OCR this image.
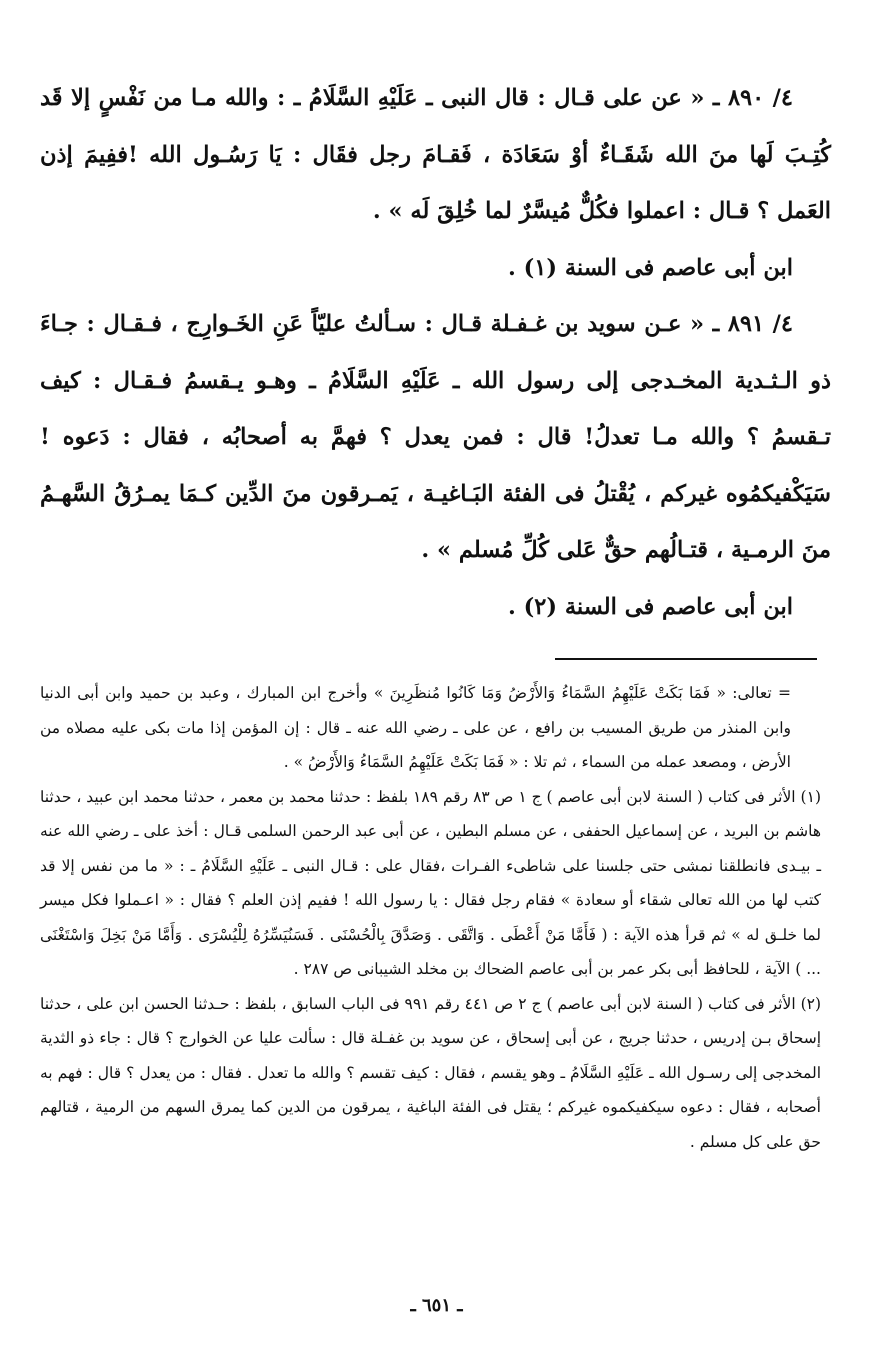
٤/ ٨٩٠ ـ « عن على قـال : قال النبى ـ عَلَيْهِ السَّلَامُ ـ : والله مـا من نَفْسٍ إلا قَد كُتِـبَ لَها منَ الله شَقَـاءٌ أوْ سَعَادَة ، فَقـامَ رجل فقَال : يَا رَسُـول الله !ففِيمَ إذن العَمل ؟ قـال : اعملوا فكُلٌّ مُيسَّرٌ لما خُلِقَ لَه » .

ابن أبى عاصم فى السنة (١) .

٤/ ٨٩١ ـ « عـن سويد بن غـفـلة قـال : سـألتُ عليّاً عَنِ الخَـوارِج ، فـقـال : جـاءَ ذو الـثـدية المخـدجى إلى رسول الله ـ عَلَيْهِ السَّلَامُ ـ وهـو يـقسمُ فـقـال : كيف تـقسمُ ؟ والله مـا تعدلُ! قال : فمن يعدل ؟ فهمَّ به أصحابُه ، فقال : دَعوه ! سَيَكْفيكمُوه غيركم ، يُقْتلُ فى الفئة البَـاغيـة ، يَمـرقون منَ الدِّين كـمَا يمـرُقُ السَّهـمُ منَ الرمـية ، قتـالُهم حقٌّ عَلى كُلِّ مُسلم » .

ابن أبى عاصم فى السنة (٢) .

= تعالى: « فَمَا بَكَتْ عَلَيْهِمُ السَّمَاءُ وَالأَرْضُ وَمَا كَانُوا مُنظَرِينَ » وأخرج ابن المبارك ، وعبد بن حميد وابن أبى الدنيا وابن المنذر من طريق المسيب بن رافع ، عن على ـ رضي الله عنه ـ قال : إن المؤمن إذا مات بكى عليه مصلاه من الأرض ، ومصعد عمله من السماء ، ثم تلا : « فَمَا بَكَتْ عَلَيْهِمُ السَّمَاءُ وَالأَرْضُ » .

(١) الأثر فى كتاب ( السنة لابن أبى عاصم ) ج ١ ص ٨٣ رقم ١٨٩ بلفظ : حدثنا محمد بن معمر ، حدثنا محمد ابن عبيد ، حدثنا هاشم بن البريد ، عن إسماعيل الحففى ، عن مسلم البطين ، عن أبى عبد الرحمن السلمى قـال : أخذ على ـ رضي الله عنه ـ بيـدى فانطلقنا نمشى حتى جلسنا على شاطىء الفـرات ،فقال على : قـال النبى ـ عَلَيْهِ السَّلَامُ ـ : « ما من نفس إلا قد كتب لها من الله تعالى شقاء أو سعادة » فقام رجل فقال : يا رسول الله ! ففيم إذن العلم ؟ فقال : « اعـملوا فكل ميسر لما خلـق له » ثم قرأ هذه الآية : ( فَأَمَّا مَنْ أَعْطَى . وَاتَّقَى . وَصَدَّقَ بِالْحُسْنَى . فَسَنُيَسِّرُهُ لِلْيُسْرَى . وَأَمَّا مَنْ بَخِلَ وَاسْتَغْنَى ... ) الآية ، للحافظ أبى بكر عمر بن أبى عاصم الضحاك بن مخلد الشيبانى ص ٢٨٧ .

(٢) الأثر فى كتاب ( السنة لابن أبى عاصم ) ج ٢ ص ٤٤١ رقم ٩٩١ فى الباب السابق ، بلفظ : حـدثنا الحسن ابن على ، حدثنا إسحاق بـن إدريس ، حدثنا جريج ، عن أبى إسحاق ، عن سويد بن غفـلة قال : سألت عليا عن الخوارج ؟ قال : جاء ذو الثدية المخدجى إلى رسـول الله ـ عَلَيْهِ السَّلَامُ ـ وهو يقسم ، فقال : كيف تقسم ؟ والله ما تعدل . فقال : من يعدل ؟ قال : فهم به أصحابه ، فقال : دعوه سيكفيكموه غيركم ؛ يقتل فى الفئة الباغية ، يمرقون من الدين كما يمرق السهم من الرمية ، قتالهم حق على كل مسلم .

ـ ٦٥١ ـ
